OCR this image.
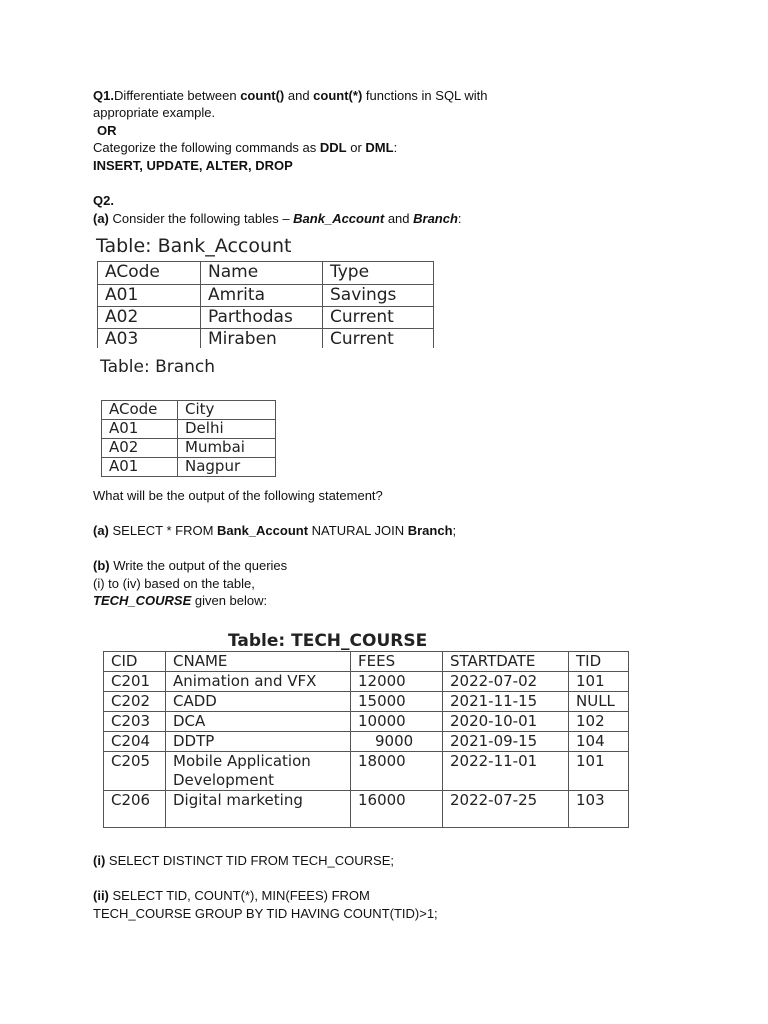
Q1.Differentiate between count() and count(*) functions in SQL with
appropriate example.
OR
Categorize the following commands as DDL or DML:
INSERT, UPDATE, ALTER, DROP
Q2.
(a) Consider the following tables – Bank_Account and Branch:
Table: Bank_Account
ACode	Name	Type
A01	Amrita	Savings
A02	Parthodas	Current
A03	Miraben	Current
Table: Branch
ACode	City
A01	Delhi
A02	Mumbai
A01	Nagpur
What will be the output of the following statement?
(a) SELECT * FROM Bank_Account NATURAL JOIN Branch;
(b) Write the output of the queries
(i) to (iv) based on the table,
TECH_COURSE given below:
Table: TECH_COURSE
CID	CNAME	FEES	STARTDATE	TID
C201	Animation and VFX	12000	2022-07-02	101
C202	CADD	15000	2021-11-15	NULL
C203	DCA	10000	2020-10-01	102
C204	DDTP	9000	2021-09-15	104
C205	Mobile Application Development	18000	2022-11-01	101
C206	Digital marketing	16000	2022-07-25	103
(i) SELECT DISTINCT TID FROM TECH_COURSE;
(ii) SELECT TID, COUNT(*), MIN(FEES) FROM
TECH_COURSE GROUP BY TID HAVING COUNT(TID)>1;
